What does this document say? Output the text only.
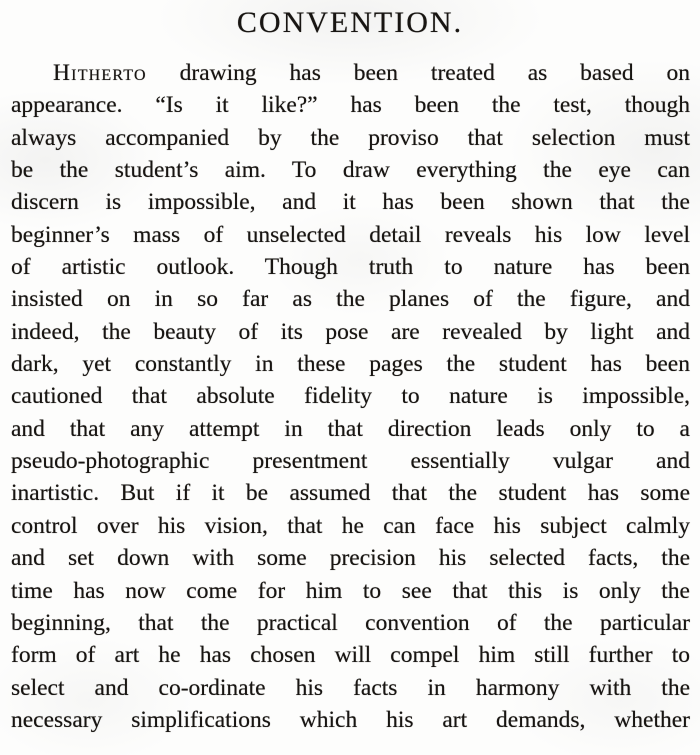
CONVENTION.
Hitherto drawing has been treated as based on
appearance. “Is it like?” has been the test, though
always accompanied by the proviso that selection must
be the student’s aim. To draw everything the eye can
discern is impossible, and it has been shown that the
beginner’s mass of unselected detail reveals his low level
of artistic outlook. Though truth to nature has been
insisted on in so far as the planes of the figure, and
indeed, the beauty of its pose are revealed by light and
dark, yet constantly in these pages the student has been
cautioned that absolute fidelity to nature is impossible,
and that any attempt in that direction leads only to a
pseudo-photographic presentment essentially vulgar and
inartistic. But if it be assumed that the student has some
control over his vision, that he can face his subject calmly
and set down with some precision his selected facts, the
time has now come for him to see that this is only the
beginning, that the practical convention of the particular
form of art he has chosen will compel him still further to
select and co-ordinate his facts in harmony with the
necessary simplifications which his art demands, whether
